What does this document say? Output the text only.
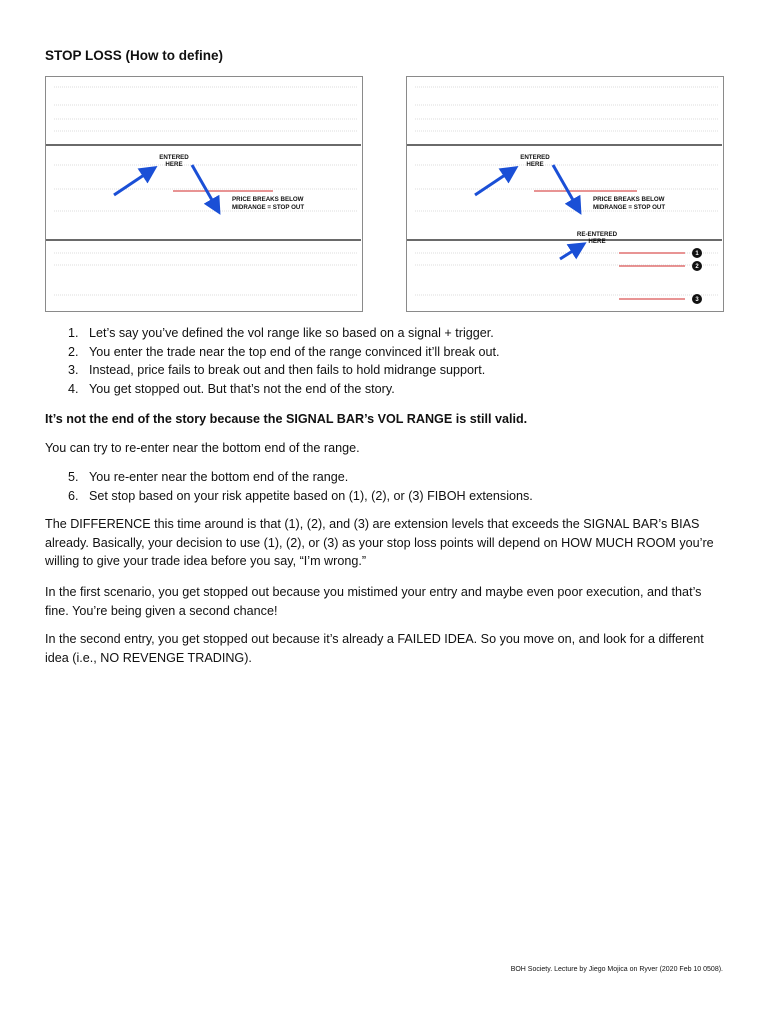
STOP LOSS (How to define)
ENTERED
HERE
PRICE BREAKS BELOW
MIDRANGE = STOP OUT
1
2
3
ENTERED
HERE
PRICE BREAKS BELOW
MIDRANGE = STOP OUT
RE-ENTERED
HERE
1. Let’s say you’ve defined the vol range like so based on a signal + trigger.
2. You enter the trade near the top end of the range convinced it’ll break out.
3. Instead, price fails to break out and then fails to hold midrange support.
4. You get stopped out. But that’s not the end of the story.

It’s not the end of the story because the SIGNAL BAR’s VOL RANGE is still valid.

You can try to re-enter near the bottom end of the range.

5. You re-enter near the bottom end of the range.
6. Set stop based on your risk appetite based on (1), (2), or (3) FIBOH extensions.

The DIFFERENCE this time around is that (1), (2), and (3) are extension levels that exceeds the SIGNAL BAR’s BIAS already. Basically, your decision to use (1), (2), or (3) as your stop loss points will depend on HOW MUCH ROOM you’re willing to give your trade idea before you say, “I’m wrong.”

In the first scenario, you get stopped out because you mistimed your entry and maybe even poor execution, and that’s fine. You’re being given a second chance!

In the second entry, you get stopped out because it’s already a FAILED IDEA. So you move on, and look for a different idea (i.e., NO REVENGE TRADING).

BOH Society. Lecture by Jiego Mojica on Ryver (2020 Feb 10 0508).
